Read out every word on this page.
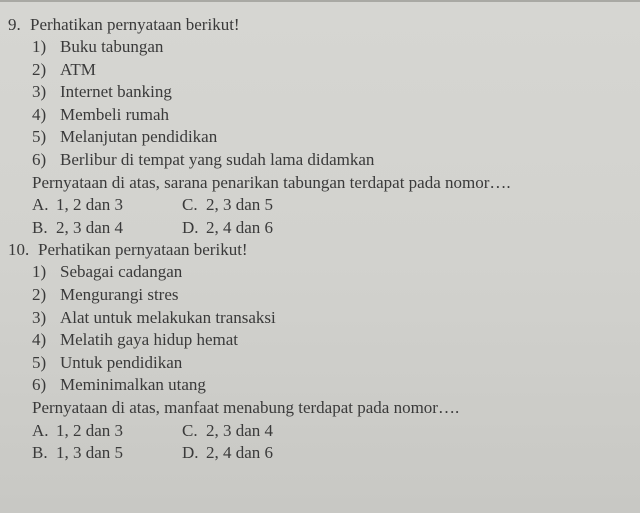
9. Perhatikan pernyataan berikut!
1) Buku tabungan
2) ATM
3) Internet banking
4) Membeli rumah
5) Melanjutan pendidikan
6) Berlibur di tempat yang sudah lama didamkan
Pernyataan di atas, sarana penarikan tabungan terdapat pada nomor….
A. 1, 2 dan 3	C. 2, 3 dan 5
B. 2, 3 dan 4	D. 2, 4 dan 6
10. Perhatikan pernyataan berikut!
1) Sebagai cadangan
2) Mengurangi stres
3) Alat untuk melakukan transaksi
4) Melatih gaya hidup hemat
5) Untuk pendidikan
6) Meminimalkan utang
Pernyataan di atas, manfaat menabung terdapat pada nomor….
A. 1, 2 dan 3	C. 2, 3 dan 4
B. 1, 3 dan 5	D. 2, 4 dan 6
